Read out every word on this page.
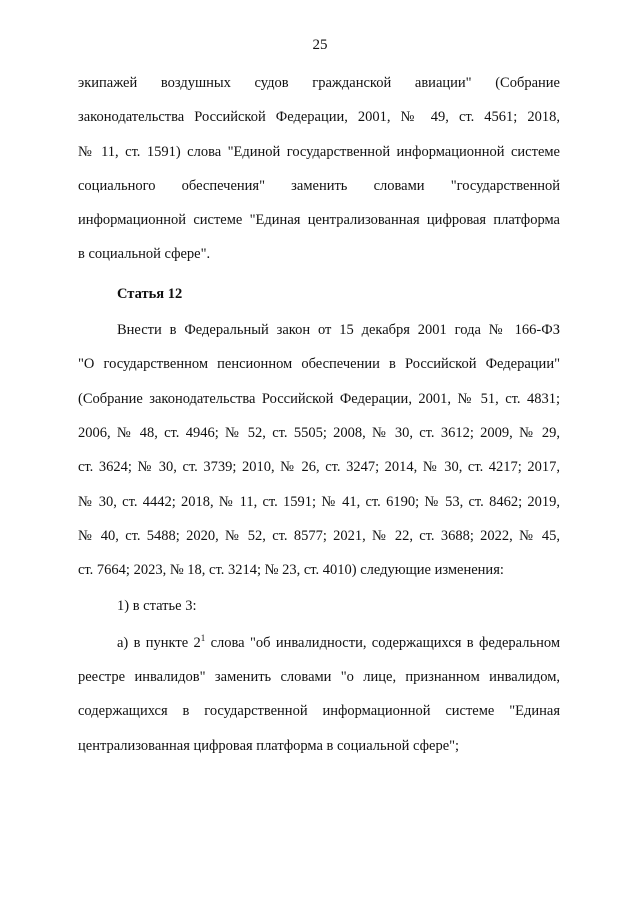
25
экипажей воздушных судов гражданской авиации" (Собрание
законодательства Российской Федерации, 2001, № 49, ст. 4561; 2018,
№ 11, ст. 1591) слова "Единой государственной информационной системе
социального обеспечения" заменить словами "государственной
информационной системе "Единая централизованная цифровая платформа
в социальной сфере".
Статья 12
Внести в Федеральный закон от 15 декабря 2001 года № 166-ФЗ
"О государственном пенсионном обеспечении в Российской Федерации"
(Собрание законодательства Российской Федерации, 2001, № 51, ст. 4831;
2006, № 48, ст. 4946; № 52, ст. 5505; 2008, № 30, ст. 3612; 2009, № 29,
ст. 3624; № 30, ст. 3739; 2010, № 26, ст. 3247; 2014, № 30, ст. 4217; 2017,
№ 30, ст. 4442; 2018, № 11, ст. 1591; № 41, ст. 6190; № 53, ст. 8462; 2019,
№ 40, ст. 5488; 2020, № 52, ст. 8577; 2021, № 22, ст. 3688; 2022, № 45,
ст. 7664; 2023, № 18, ст. 3214; № 23, ст. 4010) следующие изменения:
1) в статье 3:
а) в пункте $2^1$ слова "об инвалидности, содержащихся в федеральном
реестре инвалидов" заменить словами "о лице, признанном инвалидом,
содержащихся в государственной информационной системе "Единая
централизованная цифровая платформа в социальной сфере";
